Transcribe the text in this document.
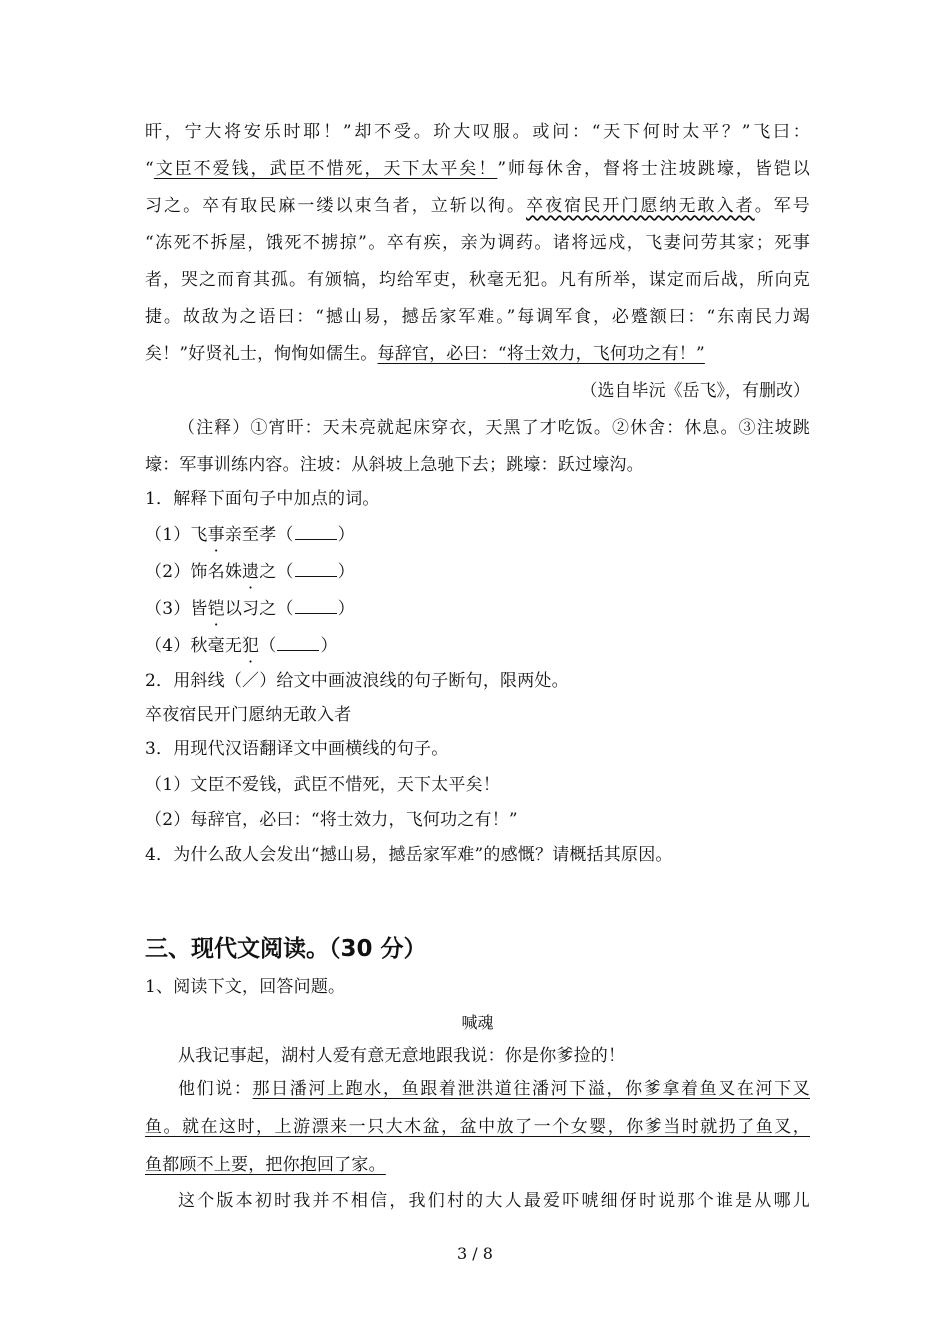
旰，宁大将安乐时耶！”却不受。玠大叹服。或问：“天下何时太平？”飞曰：
“文臣不爱钱，武臣不惜死，天下太平矣！”师每休舍，督将士注坡跳壕，皆铠以
习之。卒有取民麻一缕以束刍者，立斩以徇。卒夜宿民开门愿纳无敢入者。军号
“冻死不拆屋，饿死不掳掠”。卒有疾，亲为调药。诸将远戍，飞妻问劳其家；死事
者，哭之而育其孤。有颁犒，均给军吏，秋毫无犯。凡有所举，谋定而后战，所向克
捷。故敌为之语曰：“撼山易，撼岳家军难。”每调军食，必蹙额曰：“东南民力竭
矣！”好贤礼士，恂恂如儒生。每辞官，必曰：“将士效力，飞何功之有！”
（选自毕沅《岳飞》，有删改）
（注释）①宵旰：天未亮就起床穿衣，天黑了才吃饭。②休舍：休息。③注坡跳
壕：军事训练内容。注坡：从斜坡上急驰下去；跳壕：跃过壕沟。
1．解释下面句子中加点的词。
（1）飞事亲至孝（	）
（2）饰名姝遗之（	）
（3）皆铠以习之（	）
（4）秋毫无犯（	）
2．用斜线（／）给文中画波浪线的句子断句，限两处。
卒夜宿民开门愿纳无敢入者
3．用现代汉语翻译文中画横线的句子。
（1）文臣不爱钱，武臣不惜死，天下太平矣！
（2）每辞官，必曰：“将士效力，飞何功之有！”
4．为什么敌人会发出“撼山易，撼岳家军难”的感慨？请概括其原因。
三、现代文阅读。（30 分）
1、阅读下文，回答问题。
喊魂
从我记事起，湖村人爱有意无意地跟我说：你是你爹捡的！
他们说：那日潘河上跑水，鱼跟着泄洪道往潘河下溢，你爹拿着鱼叉在河下叉
鱼。就在这时，上游漂来一只大木盆，盆中放了一个女婴，你爹当时就扔了鱼叉，
鱼都顾不上要，把你抱回了家。
这个版本初时我并不相信，我们村的大人最爱吓唬细伢时说那个谁是从哪儿
3 / 8
